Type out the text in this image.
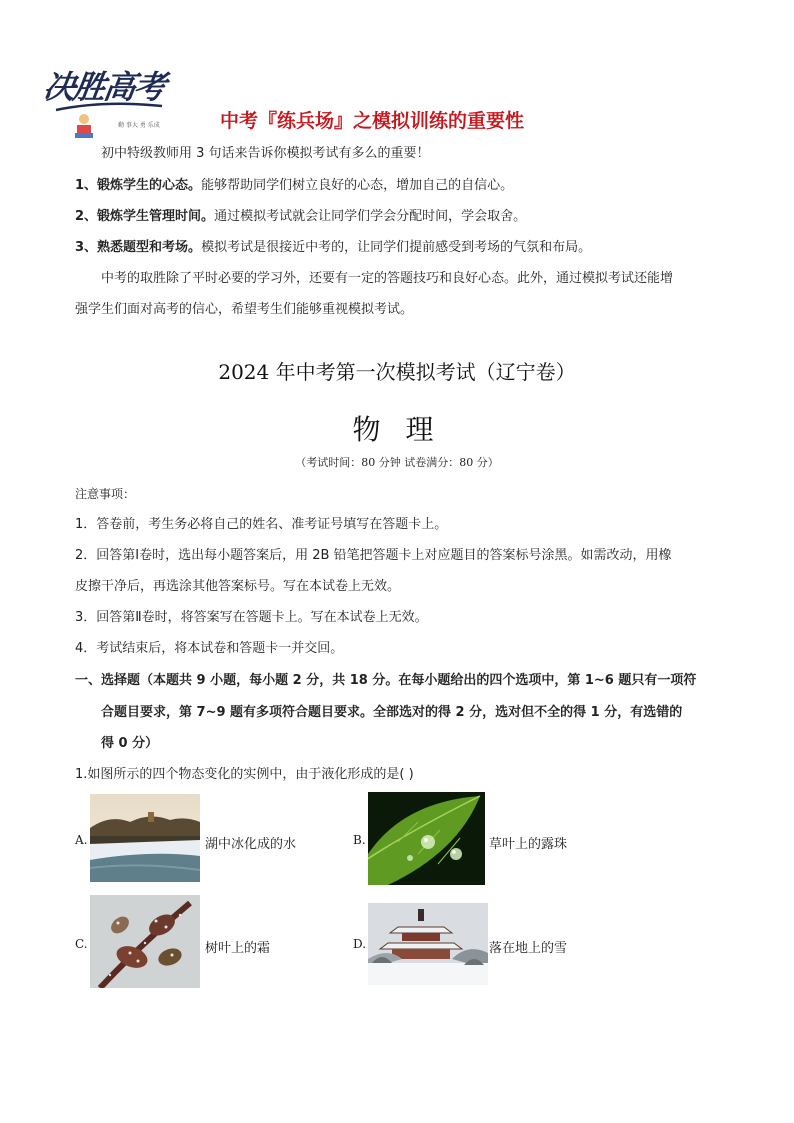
决胜高考
勤 事大 勇 乐成	中考『练兵场』之模拟训练的重要性
初中特级教师用 3 句话来告诉你模拟考试有多么的重要！
1、锻炼学生的心态。能够帮助同学们树立良好的心态，增加自己的自信心。
2、锻炼学生管理时间。通过模拟考试就会让同学们学会分配时间，学会取舍。
3、熟悉题型和考场。模拟考试是很接近中考的，让同学们提前感受到考场的气氛和布局。
中考的取胜除了平时必要的学习外，还要有一定的答题技巧和良好心态。此外，通过模拟考试还能增
强学生们面对高考的信心，希望考生们能够重视模拟考试。
2024 年中考第一次模拟考试（辽宁卷）
物 理
（考试时间：80 分钟 试卷满分：80 分）
注意事项：
1．答卷前，考生务必将自己的姓名、准考证号填写在答题卡上。
2．回答第Ⅰ卷时，选出每小题答案后，用 2B 铅笔把答题卡上对应题目的答案标号涂黑。如需改动，用橡
皮擦干净后，再选涂其他答案标号。写在本试卷上无效。
3．回答第Ⅱ卷时，将答案写在答题卡上。写在本试卷上无效。
4．考试结束后，将本试卷和答题卡一并交回。
一、选择题（本题共 9 小题，每小题 2 分，共 18 分。在每小题给出的四个选项中，第 1~6 题只有一项符
合题目要求，第 7~9 题有多项符合题目要求。全部选对的得 2 分，选对但不全的得 1 分，有选错的
得 0 分）
1.如图所示的四个物态变化的实例中，由于液化形成的是( )
A.	湖中冰化成的水	B.	草叶上的露珠
C.	树叶上的霜	D.	落在地上的雪
